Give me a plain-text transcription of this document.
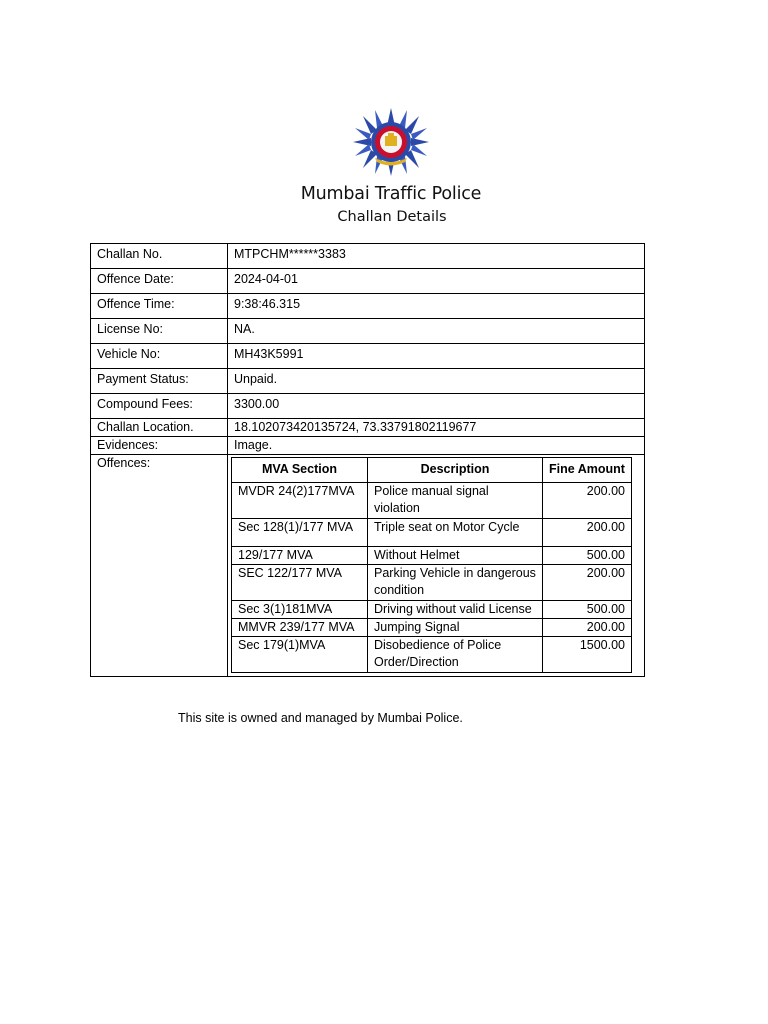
Mumbai Traffic Police
Challan Details
Challan No.	MTPCHM******3383
Offence Date:	2024-04-01
Offence Time:	9:38:46.315
License No:	NA.
Vehicle No:	MH43K5991
Payment Status:	Unpaid.
Compound Fees:	3300.00
Challan Location.	18.102073420135724, 73.33791802119677
Evidences:	Image.
Offences:		MVA Section	Description	Fine Amount
MVDR 24(2)177MVA	Police manual signal violation	200.00
Sec 128(1)/177 MVA	Triple seat on Motor Cycle	200.00
129/177 MVA	Without Helmet	500.00
SEC 122/177 MVA	Parking Vehicle in dangerous condition	200.00
Sec 3(1)181MVA	Driving without valid License	500.00
MMVR 239/177 MVA	Jumping Signal	200.00
Sec 179(1)MVA	Disobedience of Police Order/Direction	1500.00
This site is owned and managed by Mumbai Police.
